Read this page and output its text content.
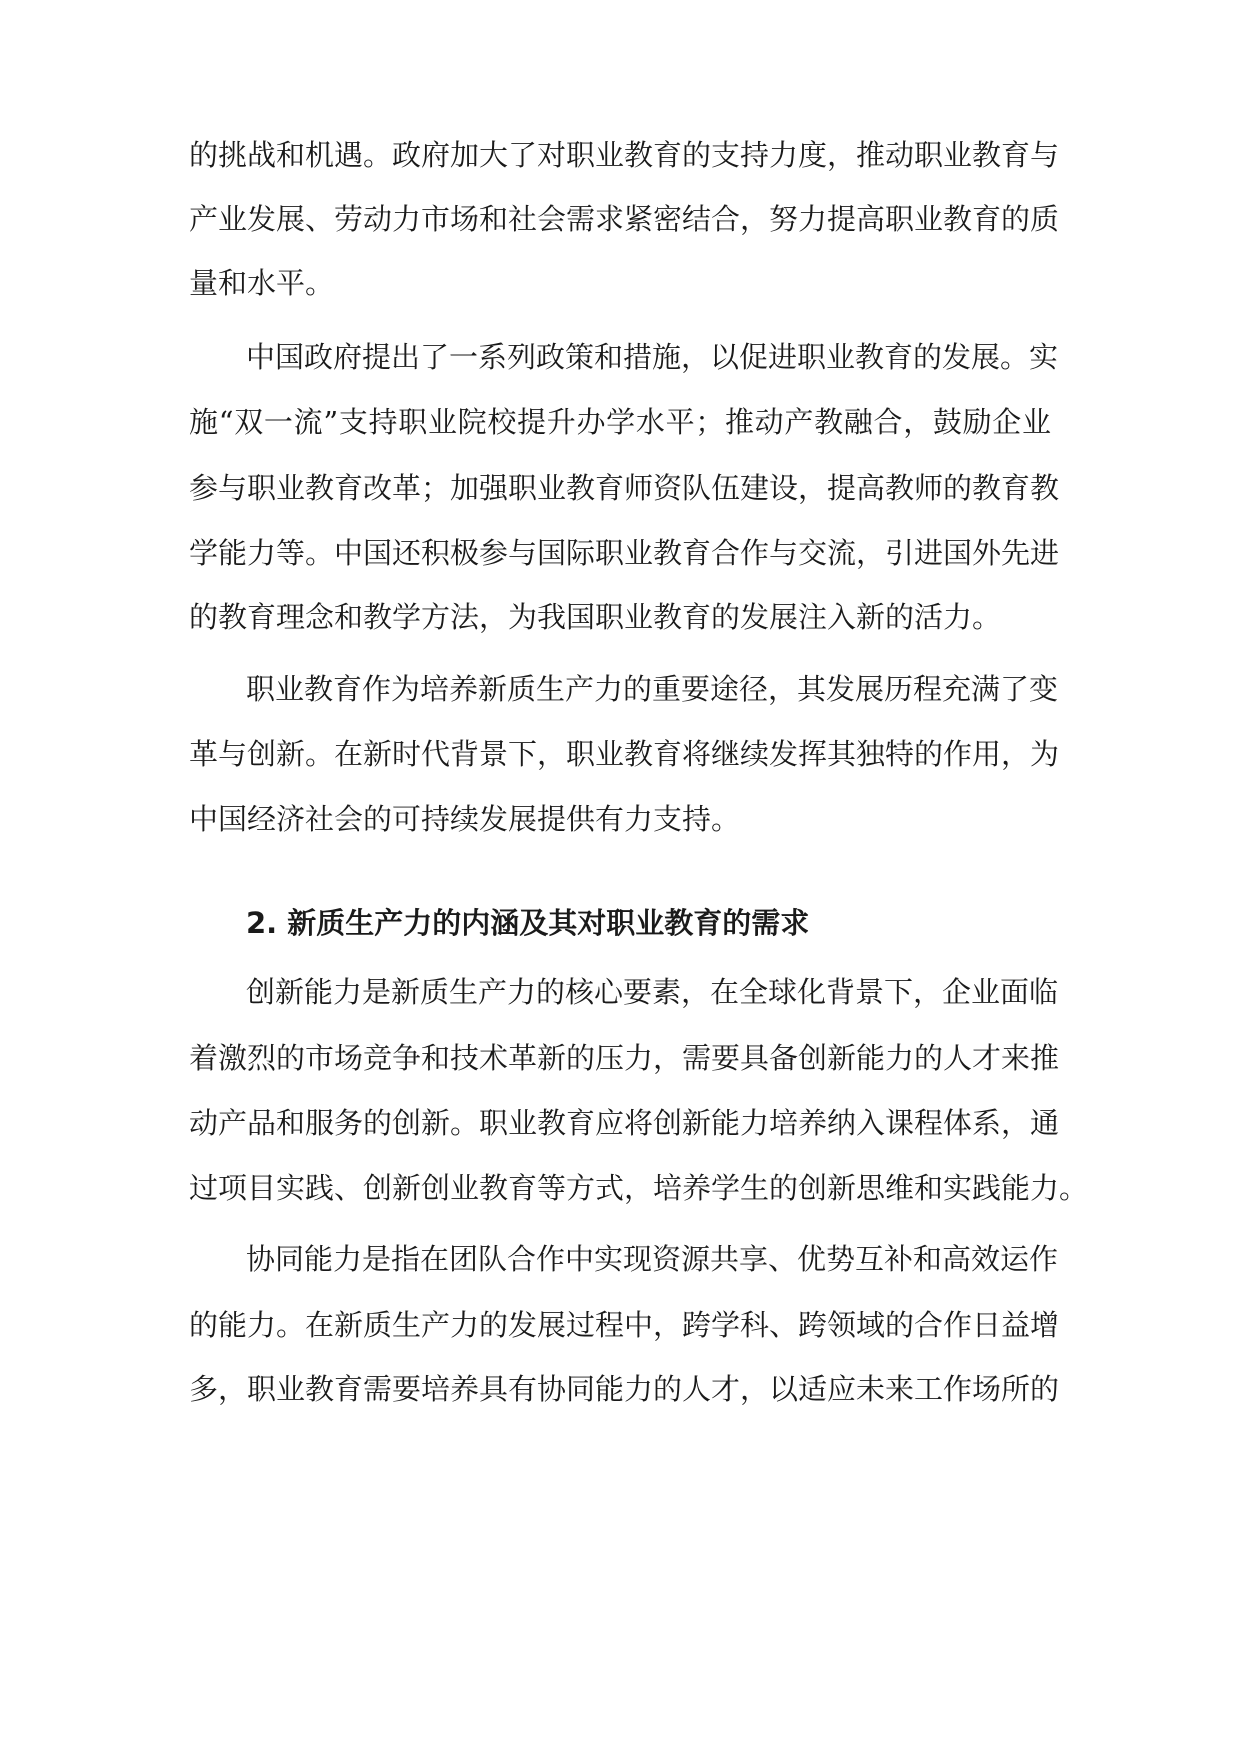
的挑战和机遇。政府加大了对职业教育的支持力度，推动职业教育与
产业发展、劳动力市场和社会需求紧密结合，努力提高职业教育的质
量和水平。
中国政府提出了一系列政策和措施，以促进职业教育的发展。实
施“双一流”支持职业院校提升办学水平；推动产教融合，鼓励企业
参与职业教育改革；加强职业教育师资队伍建设，提高教师的教育教
学能力等。中国还积极参与国际职业教育合作与交流，引进国外先进
的教育理念和教学方法，为我国职业教育的发展注入新的活力。
职业教育作为培养新质生产力的重要途径，其发展历程充满了变
革与创新。在新时代背景下，职业教育将继续发挥其独特的作用，为
中国经济社会的可持续发展提供有力支持。
2. 新质生产力的内涵及其对职业教育的需求
创新能力是新质生产力的核心要素，在全球化背景下，企业面临
着激烈的市场竞争和技术革新的压力，需要具备创新能力的人才来推
动产品和服务的创新。职业教育应将创新能力培养纳入课程体系，通
过项目实践、创新创业教育等方式，培养学生的创新思维和实践能力。
协同能力是指在团队合作中实现资源共享、优势互补和高效运作
的能力。在新质生产力的发展过程中，跨学科、跨领域的合作日益增
多，职业教育需要培养具有协同能力的人才，以适应未来工作场所的
